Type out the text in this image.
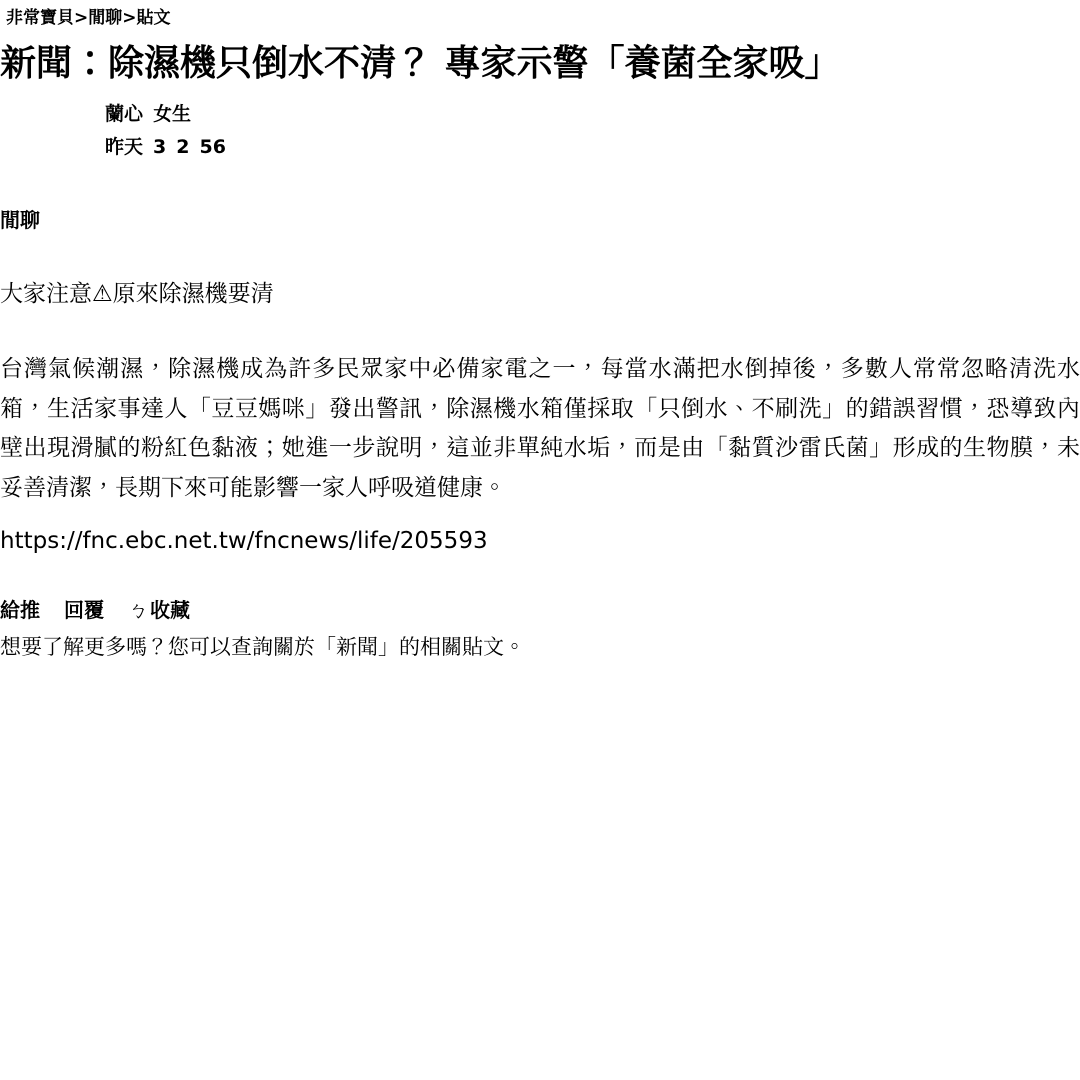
非常寶貝>閒聊>貼文
新聞：除濕機只倒水不清？ 專家示警「養菌全家吸」
蘭心 女生
昨天 3 2 56
閒聊
大家注意⚠原來除濕機要清

台灣氣候潮濕，除濕機成為許多民眾家中必備家電之一，每當水滿把水倒掉後，多數人常常忽略清洗水箱，生活家事達人「豆豆媽咪」發出警訊，除濕機水箱僅採取「只倒水、不刷洗」的錯誤習慣，恐導致內壁出現滑膩的粉紅色黏液；她進一步說明，這並非單純水垢，而是由「黏質沙雷氏菌」形成的生物膜，未妥善清潔，長期下來可能影響一家人呼吸道健康。

https://fnc.ebc.net.tw/fncnews/life/205593
給推 回覆 ㄅ 收藏
想要了解更多嗎？您可以查詢關於「新聞」的相關貼文。
